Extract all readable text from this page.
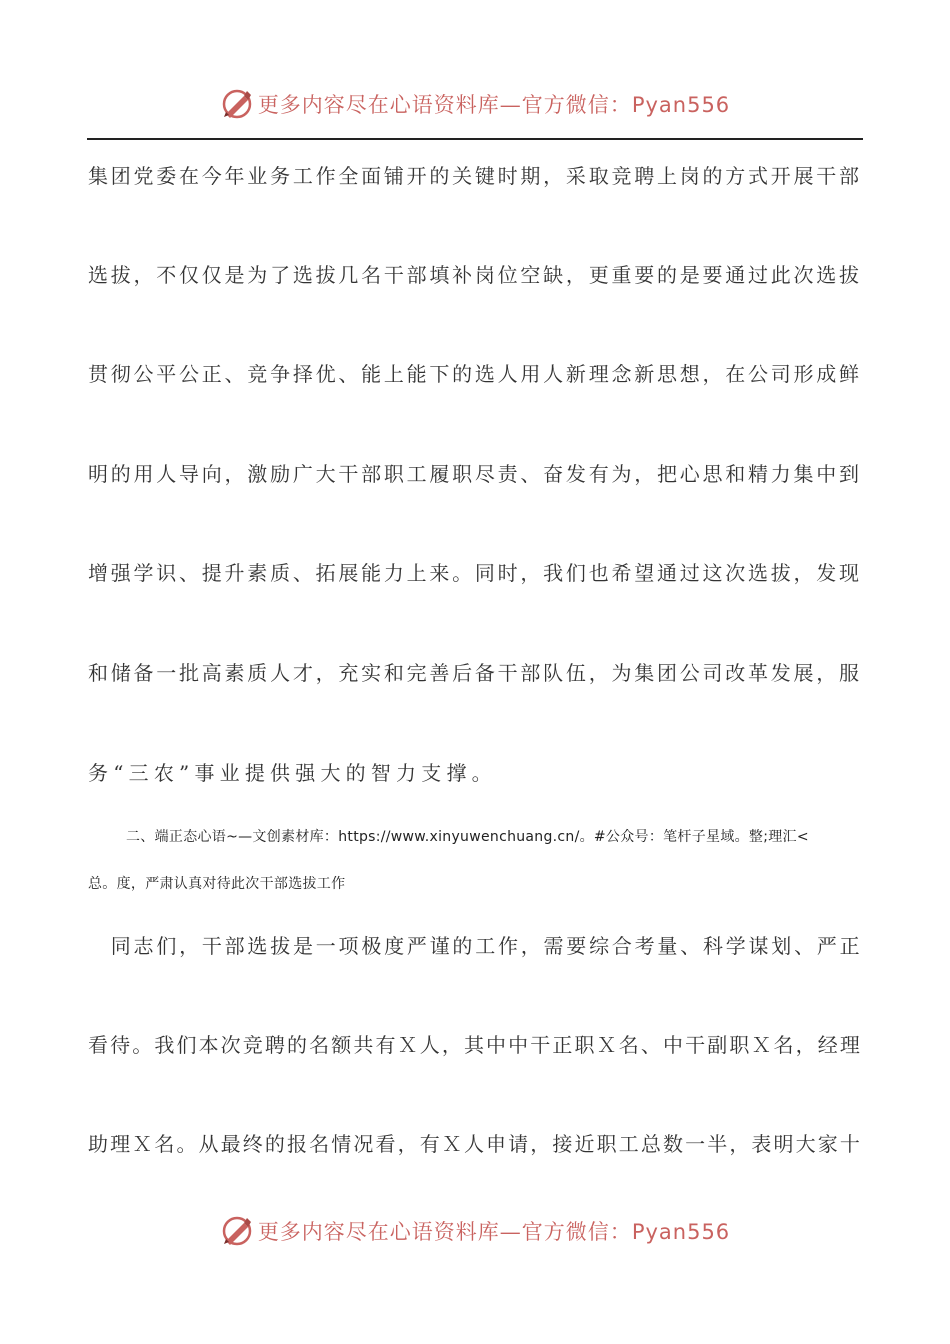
更多内容尽在心语资料库—官方微信：Pyan556
集团党委在今年业务工作全面铺开的关键时期，采取竞聘上岗的方式开展干部
选拔，不仅仅是为了选拔几名干部填补岗位空缺，更重要的是要通过此次选拔
贯彻公平公正、竞争择优、能上能下的选人用人新理念新思想，在公司形成鲜
明的用人导向，激励广大干部职工履职尽责、奋发有为，把心思和精力集中到
增强学识、提升素质、拓展能力上来。同时，我们也希望通过这次选拔，发现
和储备一批高素质人才，充实和完善后备干部队伍，为集团公司改革发展，服
务“三农”事业提供强大的智力支撑。
二、端正态心语~—文创素材库：https://www.xinyuwenchuang.cn/。#公众号：笔杆子星域。整;理汇<
总。度，严肃认真对待此次干部选拔工作
　同志们，干部选拔是一项极度严谨的工作，需要综合考量、科学谋划、严正
看待。我们本次竞聘的名额共有Ｘ人，其中中干正职Ｘ名、中干副职Ｘ名，经理
助理Ｘ名。从最终的报名情况看，有Ｘ人申请，接近职工总数一半，表明大家十
更多内容尽在心语资料库—官方微信：Pyan556
